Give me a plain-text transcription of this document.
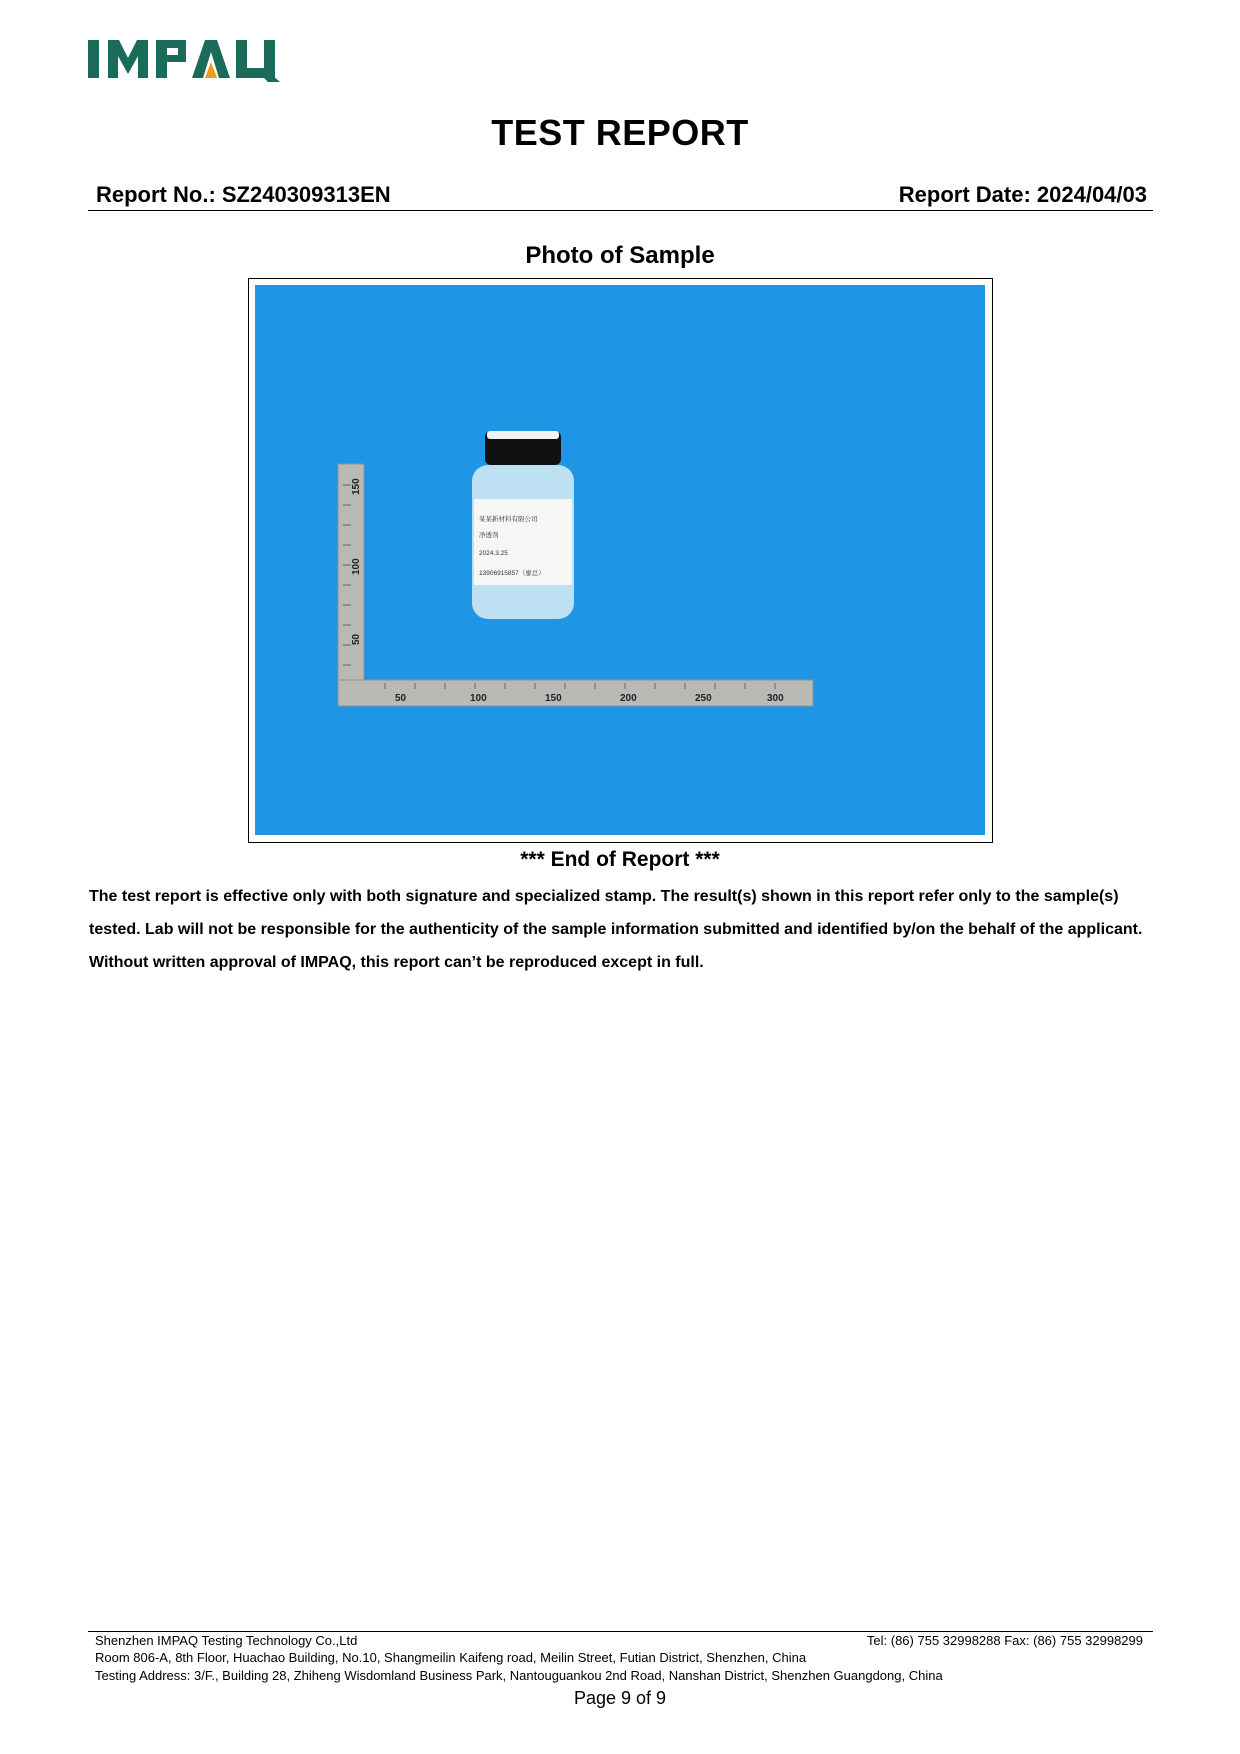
TEST REPORT
Report No.: SZ240309313EN	Report Date: 2024/04/03
Photo of Sample
150
100
50
50	100	150	200	250	300
某某新材料有限公司
净透剂
2024.3.25
13906915857（廖总）
*** End of Report ***
The test report is effective only with both signature and specialized stamp. The result(s) shown in this report refer only to the sample(s) tested. Lab will not be responsible for the authenticity of the sample information submitted and identified by/on the behalf of the applicant. Without written approval of IMPAQ, this report can’t be reproduced except in full.
Shenzhen IMPAQ Testing Technology Co.,Ltd	Tel: (86) 755 32998288 Fax: (86) 755 32998299
Room 806-A, 8th Floor, Huachao Building, No.10, Shangmeilin Kaifeng road, Meilin Street, Futian District, Shenzhen, China
Testing Address: 3/F., Building 28, Zhiheng Wisdomland Business Park, Nantouguankou 2nd Road, Nanshan District, Shenzhen Guangdong, China
Page 9 of 9
